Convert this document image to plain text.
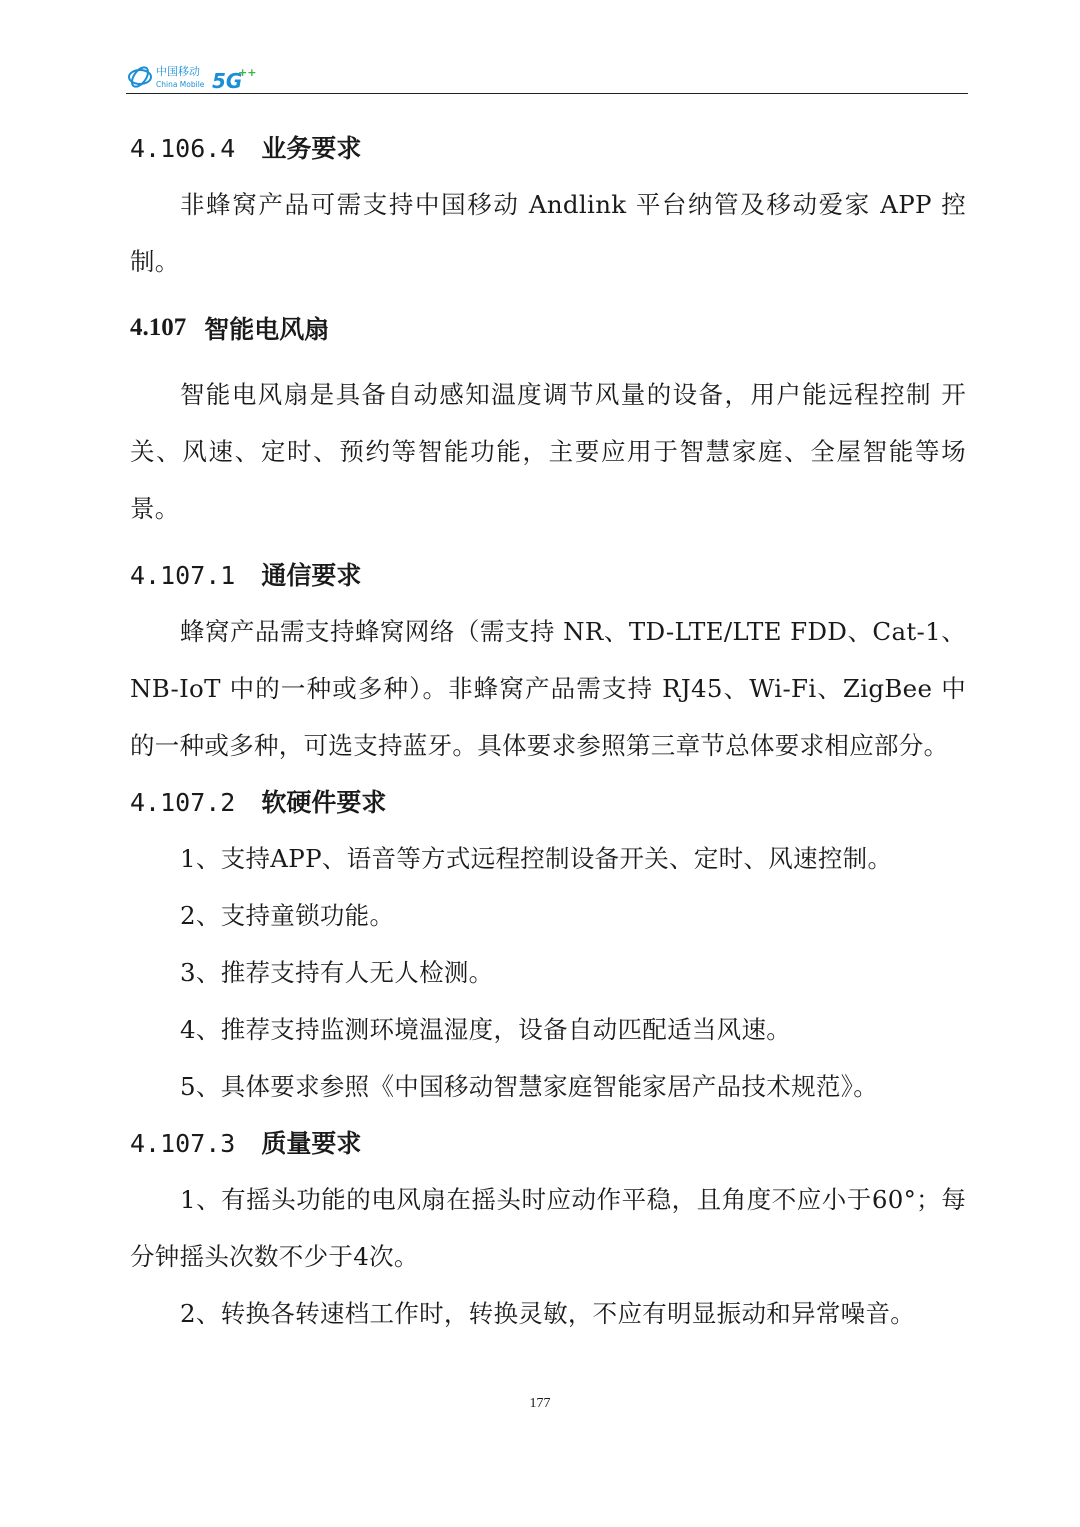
中国移动
China Mobile 5G
++
4.106.4 业务要求

非蜂窝产品可需支持中国移动 Andlink 平台纳管及移动爱家 APP 控制。

4.107 智能电风扇

智能电风扇是具备自动感知温度调节风量的设备，用户能远程控制 开关、风速、定时、预约等智能功能，主要应用于智慧家庭、全屋智能等场景。

4.107.1 通信要求

蜂窝产品需支持蜂窝网络（需支持 NR、TD-LTE/LTE FDD、Cat-1、NB-IoT 中的一种或多种）。非蜂窝产品需支持 RJ45、Wi-Fi、ZigBee 中的一种或多种，可选支持蓝牙。具体要求参照第三章节总体要求相应部分。

4.107.2 软硬件要求

1、支持APP、语音等方式远程控制设备开关、定时、风速控制。

2、支持童锁功能。

3、推荐支持有人无人检测。

4、推荐支持监测环境温湿度，设备自动匹配适当风速。

5、具体要求参照《中国移动智慧家庭智能家居产品技术规范》。

4.107.3 质量要求

1、有摇头功能的电风扇在摇头时应动作平稳，且角度不应小于60°；每分钟摇头次数不少于4次。

2、转换各转速档工作时，转换灵敏，不应有明显振动和异常噪音。

177
